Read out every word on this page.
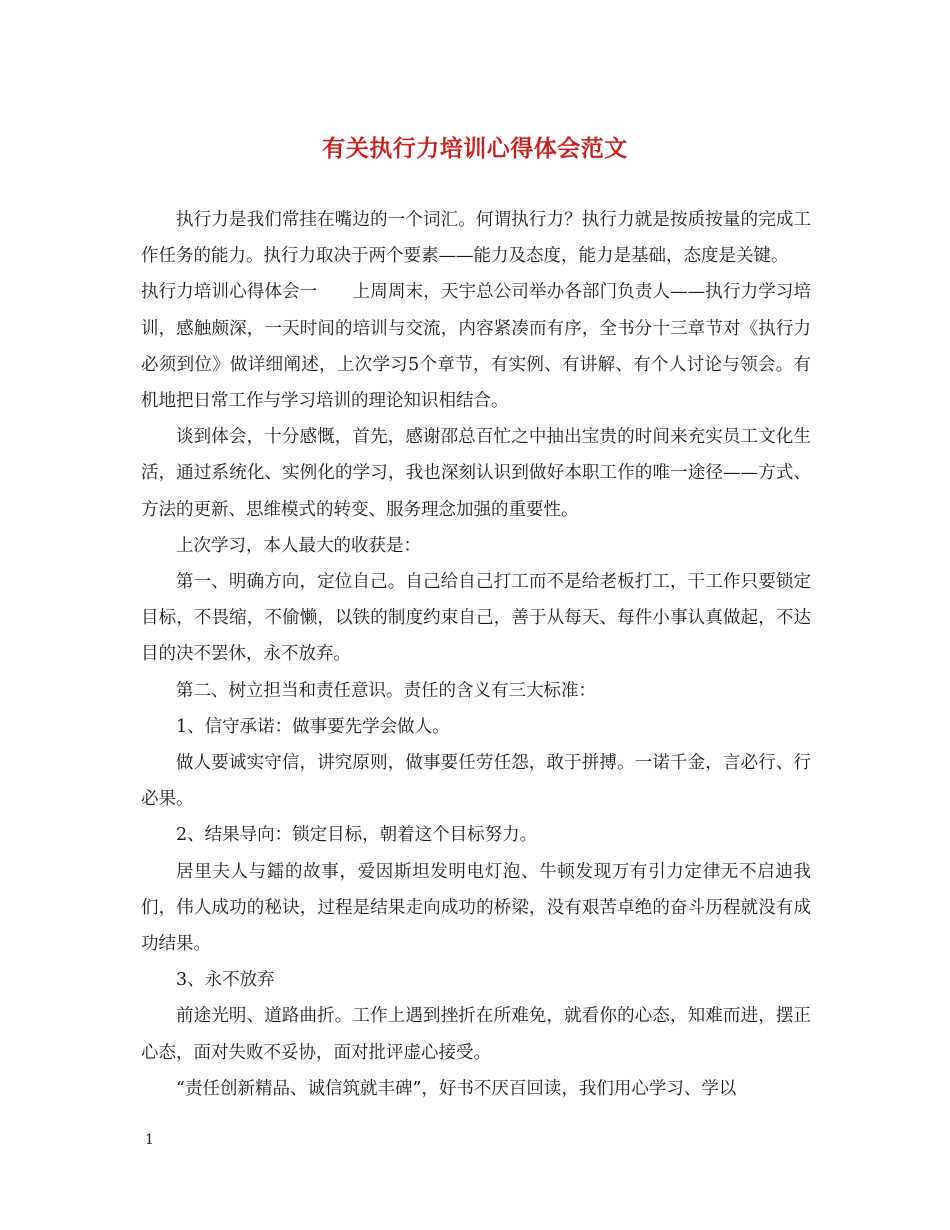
有关执行力培训心得体会范文

执行力是我们常挂在嘴边的一个词汇。何谓执行力？执行力就是按质按量的完成工作任务的能力。执行力取决于两个要素——能力及态度，能力是基础，态度是关键。

执行力培训心得体会一　　上周周末，天宇总公司举办各部门负责人——执行力学习培训，感触颇深，一天时间的培训与交流，内容紧凑而有序，全书分十三章节对《执行力必须到位》做详细阐述，上次学习5个章节，有实例、有讲解、有个人讨论与领会。有机地把日常工作与学习培训的理论知识相结合。

谈到体会，十分感慨，首先，感谢邵总百忙之中抽出宝贵的时间来充实员工文化生活，通过系统化、实例化的学习，我也深刻认识到做好本职工作的唯一途径——方式、方法的更新、思维模式的转变、服务理念加强的重要性。

上次学习，本人最大的收获是：

第一、明确方向，定位自己。自己给自己打工而不是给老板打工，干工作只要锁定目标，不畏缩，不偷懒，以铁的制度约束自己，善于从每天、每件小事认真做起，不达目的决不罢休，永不放弃。

第二、树立担当和责任意识。责任的含义有三大标准：

1、信守承诺：做事要先学会做人。

做人要诚实守信，讲究原则，做事要任劳任怨，敢于拼搏。一诺千金，言必行、行必果。

2、结果导向：锁定目标，朝着这个目标努力。

居里夫人与鐳的故事，爱因斯坦发明电灯泡、牛顿发现万有引力定律无不启迪我们，伟人成功的秘诀，过程是结果走向成功的桥梁，没有艰苦卓绝的奋斗历程就没有成功结果。

3、永不放弃

前途光明、道路曲折。工作上遇到挫折在所难免，就看你的心态，知难而进，摆正心态，面对失败不妥协，面对批评虚心接受。

“责任创新精品、诚信筑就丰碑”，好书不厌百回读，我们用心学习、学以

1
